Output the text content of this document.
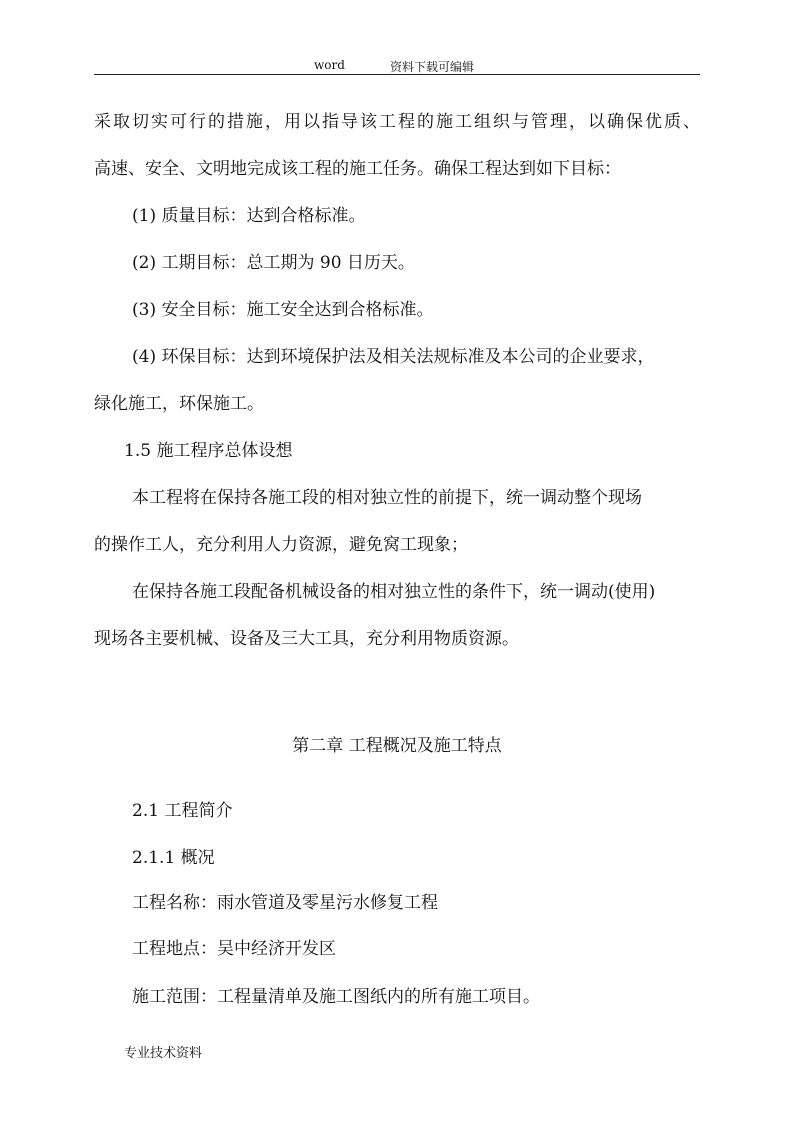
word	资料下载可编辑
采取切实可行的措施，用以指导该工程的施工组织与管理，以确保优质、
高速、安全、文明地完成该工程的施工任务。确保工程达到如下目标：
(1) 质量目标：达到合格标准。
(2) 工期目标：总工期为 90 日历天。
(3) 安全目标：施工安全达到合格标准。
(4) 环保目标：达到环境保护法及相关法规标准及本公司的企业要求，
绿化施工，环保施工。
1.5 施工程序总体设想
本工程将在保持各施工段的相对独立性的前提下，统一调动整个现场
的操作工人，充分利用人力资源，避免窝工现象；
在保持各施工段配备机械设备的相对独立性的条件下，统一调动(使用)
现场各主要机械、设备及三大工具，充分利用物质资源。
第二章 工程概况及施工特点
2.1 工程简介
2.1.1 概况
工程名称：雨水管道及零星污水修复工程
工程地点：吴中经济开发区
施工范围：工程量清单及施工图纸内的所有施工项目。
专业技术资料
